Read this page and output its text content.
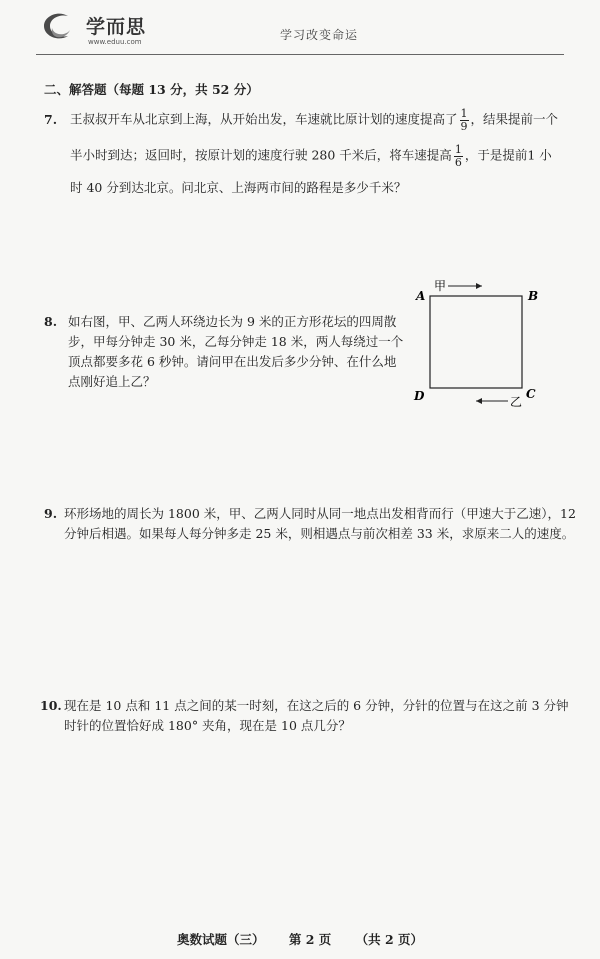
学而思
www.eduu.com	学习改变命运
二、解答题（每题 13 分，共 52 分）
7. 王叔叔开车从北京到上海，从开始出发，车速就比原计划的速度提高了 $\frac{1}{9}$ ，结果提前一个
半小时到达；返回时，按原计划的速度行驶 280 千米后，将车速提高 $\frac{1}{6}$ ，于是提前1 小
时 40 分到达北京。问北京、上海两市间的路程是多少千米？
8. 如右图，甲、乙两人环绕边长为 9 米的正方形花坛的四周散
步，甲每分钟走 30 米，乙每分钟走 18 米，两人每绕过一个
顶点都要多花 6 秒钟。请问甲在出发后多少分钟、在什么地
点刚好追上乙？
A	B
C
D
甲
乙
9. 环形场地的周长为 1800 米，甲、乙两人同时从同一地点出发相背而行（甲速大于乙速），12
分钟后相遇。如果每人每分钟多走 25 米，则相遇点与前次相差 33 米，求原来二人的速度。
10. 现在是 10 点和 11 点之间的某一时刻，在这之后的 6 分钟，分针的位置与在这之前 3 分钟
时针的位置恰好成 180° 夹角，现在是 10 点几分？
奥数试题（三） 第 2 页 （共 2 页）
